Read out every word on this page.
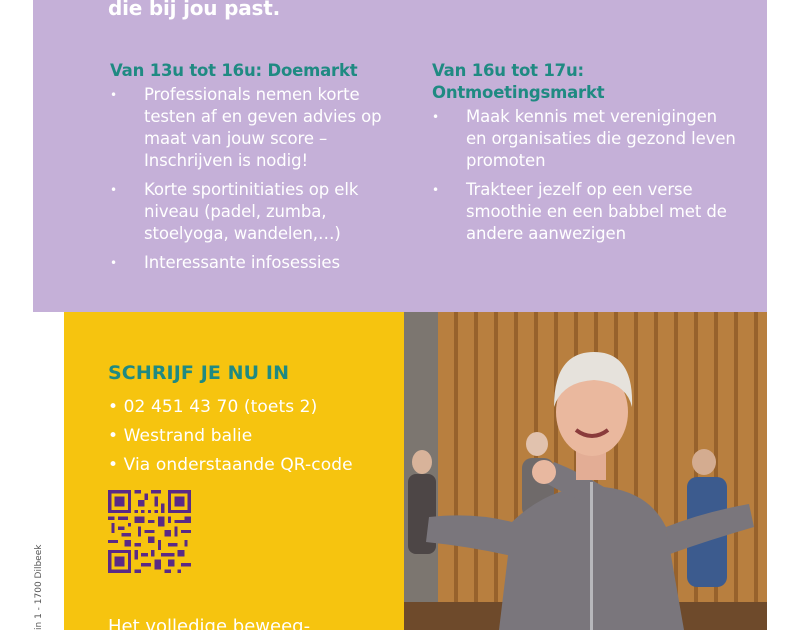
die bij jou past.

Van 13u tot 16u: Doemarkt
• Professionals nemen korte testen af en geven advies op maat van jouw score – Inschrijven is nodig!
• Korte sportinitiaties op elk niveau (padel, zumba, stoelyoga, wandelen,…)
• Interessante infosessies
Van 16u tot 17u: Ontmoetingsmarkt
• Maak kennis met verenigingen en organisaties die gezond leven promoten
• Trakteer jezelf op een verse smoothie en een babbel met de andere aanwezigen
in 1 - 1700 Dilbeek
SCHRIJF JE NU IN
• 02 451 43 70 (toets 2)
• Westrand balie
• Via onderstaande QR-code

Het volledige beweeg-
